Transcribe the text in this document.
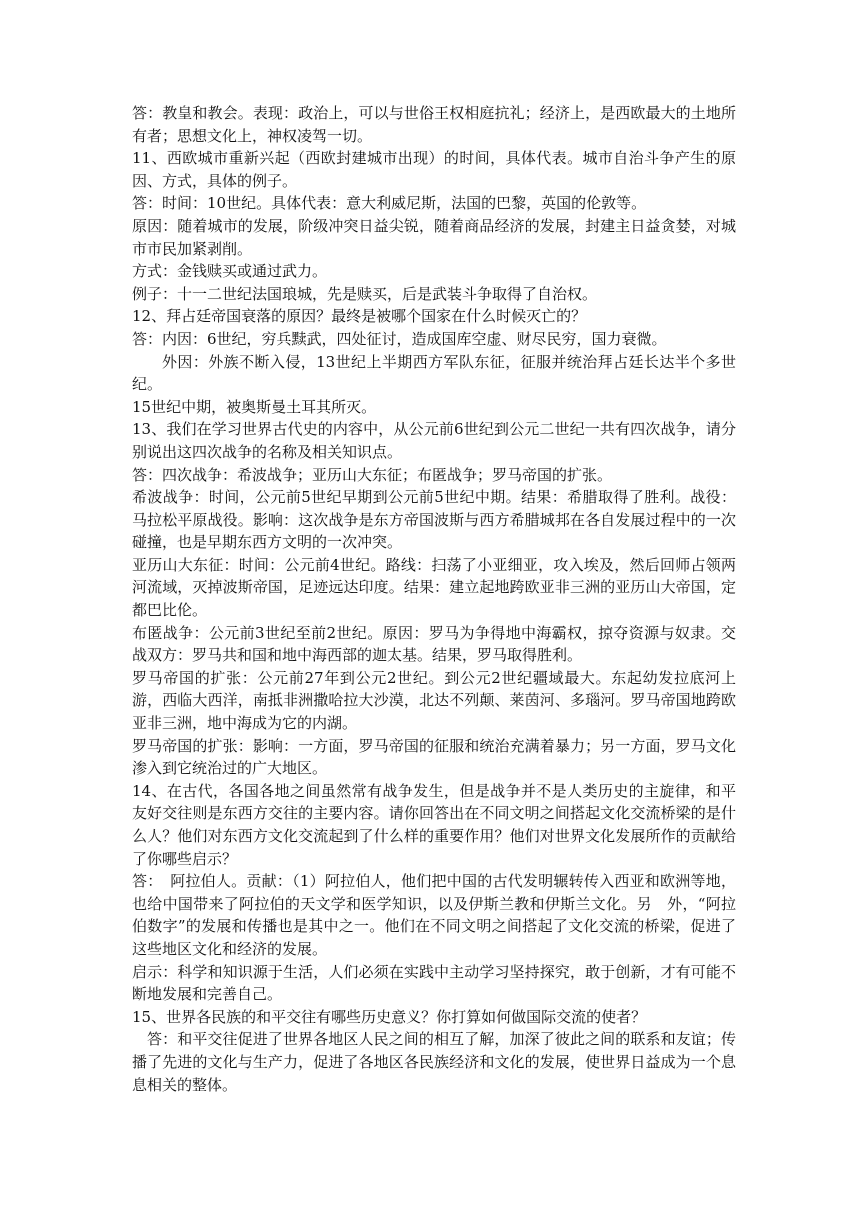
答：教皇和教会。表现：政治上，可以与世俗王权相庭抗礼；经济上，是西欧最大的土地所有者；思想文化上，神权凌驾一切。

11、西欧城市重新兴起（西欧封建城市出现）的时间，具体代表。城市自治斗争产生的原因、方式，具体的例子。

答：时间：10世纪。具体代表：意大利威尼斯，法国的巴黎，英国的伦敦等。

原因：随着城市的发展，阶级冲突日益尖锐，随着商品经济的发展，封建主日益贪婪，对城市市民加紧剥削。

方式：金钱赎买或通过武力。

例子：十一二世纪法国琅城，先是赎买，后是武装斗争取得了自治权。

12、拜占廷帝国衰落的原因？最终是被哪个国家在什么时候灭亡的？

答：内因：6世纪，穷兵黩武，四处征讨，造成国库空虚、财尽民穷，国力衰微。

外因：外族不断入侵，13世纪上半期西方军队东征，征服并统治拜占廷长达半个多世纪。

15世纪中期，被奥斯曼土耳其所灭。

13、我们在学习世界古代史的内容中，从公元前6世纪到公元二世纪一共有四次战争，请分别说出这四次战争的名称及相关知识点。

答：四次战争：希波战争；亚历山大东征；布匿战争；罗马帝国的扩张。

希波战争：时间，公元前5世纪早期到公元前5世纪中期。结果：希腊取得了胜利。战役：马拉松平原战役。影响：这次战争是东方帝国波斯与西方希腊城邦在各自发展过程中的一次碰撞，也是早期东西方文明的一次冲突。

亚历山大东征：时间：公元前4世纪。路线：扫荡了小亚细亚，攻入埃及，然后回师占领两河流域，灭掉波斯帝国，足迹远达印度。结果：建立起地跨欧亚非三洲的亚历山大帝国，定都巴比伦。

布匿战争：公元前3世纪至前2世纪。原因：罗马为争得地中海霸权，掠夺资源与奴隶。交战双方：罗马共和国和地中海西部的迦太基。结果，罗马取得胜利。

罗马帝国的扩张：公元前27年到公元2世纪。到公元2世纪疆域最大。东起幼发拉底河上游，西临大西洋，南抵非洲撒哈拉大沙漠，北达不列颠、莱茵河、多瑙河。罗马帝国地跨欧亚非三洲，地中海成为它的内湖。

罗马帝国的扩张：影响：一方面，罗马帝国的征服和统治充满着暴力；另一方面，罗马文化渗入到它统治过的广大地区。

14、在古代，各国各地之间虽然常有战争发生，但是战争并不是人类历史的主旋律，和平友好交往则是东西方交往的主要内容。请你回答出在不同文明之间搭起文化交流桥梁的是什么人？他们对东西方文化交流起到了什么样的重要作用？他们对世界文化发展所作的贡献给了你哪些启示？

答：　阿拉伯人。贡献：（1）阿拉伯人，他们把中国的古代发明辗转传入西亚和欧洲等地，也给中国带来了阿拉伯的天文学和医学知识，以及伊斯兰教和伊斯兰文化。另　外，“阿拉伯数字”的发展和传播也是其中之一。他们在不同文明之间搭起了文化交流的桥梁，促进了这些地区文化和经济的发展。

启示：科学和知识源于生活，人们必须在实践中主动学习坚持探究，敢于创新，才有可能不断地发展和完善自己。

15、世界各民族的和平交往有哪些历史意义？你打算如何做国际交流的使者？

答：和平交往促进了世界各地区人民之间的相互了解，加深了彼此之间的联系和友谊；传播了先进的文化与生产力，促进了各地区各民族经济和文化的发展，使世界日益成为一个息息相关的整体。
